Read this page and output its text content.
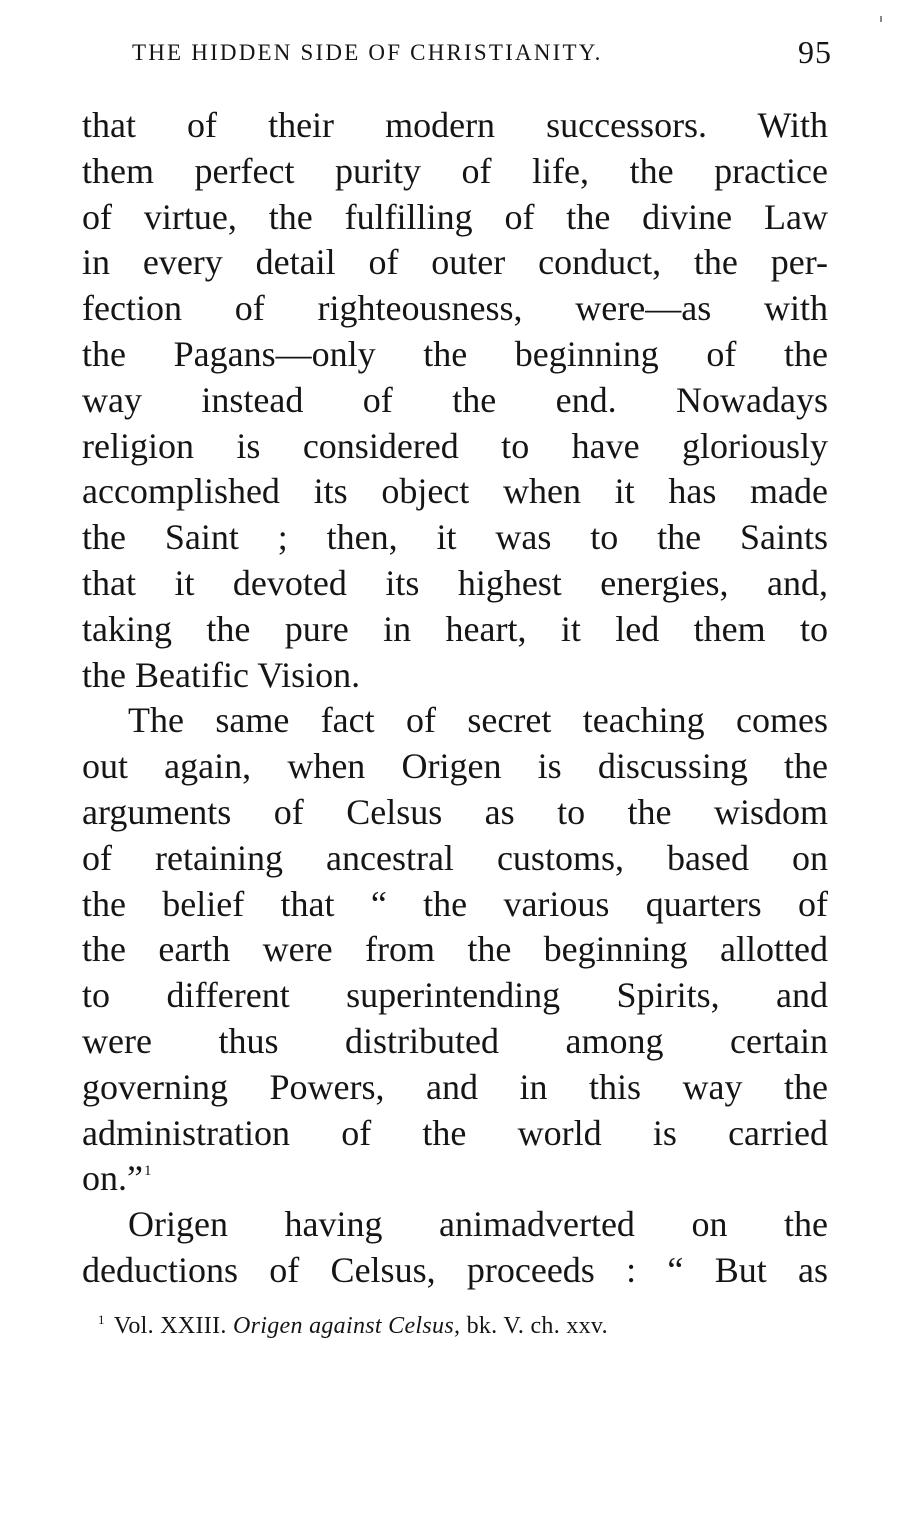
THE HIDDEN SIDE OF CHRISTIANITY.	95
that of their modern successors. With
them perfect purity of life, the practice
of virtue, the fulfilling of the divine Law
in every detail of outer conduct, the per-
fection of righteousness, were—as with
the Pagans—only the beginning of the
way instead of the end. Nowadays
religion is considered to have gloriously
accomplished its object when it has made
the Saint ; then, it was to the Saints
that it devoted its highest energies, and,
taking the pure in heart, it led them to
the Beatific Vision.
The same fact of secret teaching comes
out again, when Origen is discussing the
arguments of Celsus as to the wisdom
of retaining ancestral customs, based on
the belief that “ the various quarters of
the earth were from the beginning allotted
to different superintending Spirits, and
were thus distributed among certain
governing Powers, and in this way the
administration of the world is carried
on.”$^1$
Origen having animadverted on the
deductions of Celsus, proceeds : “ But as
$^1$ Vol. XXIII. Origen against Celsus, bk. V. ch. xxv.
